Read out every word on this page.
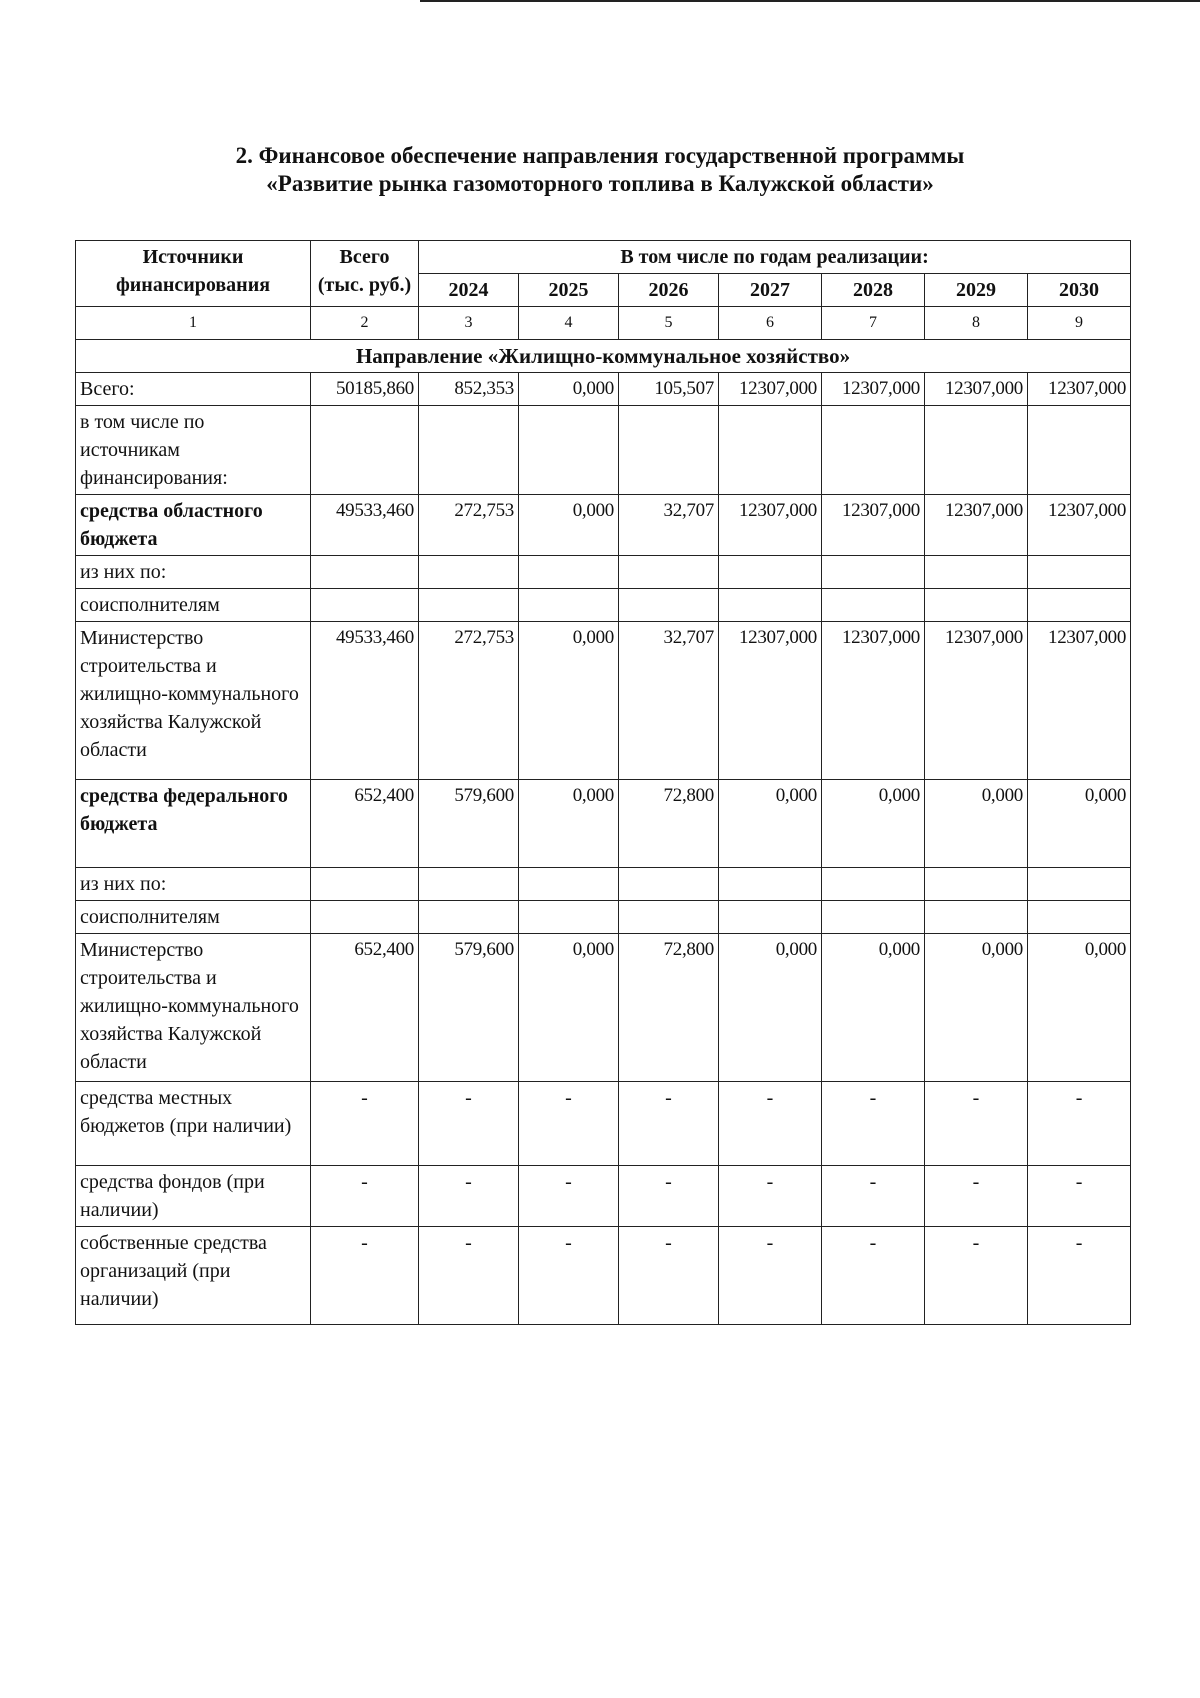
2. Финансовое обеспечение направления государственной программы
«Развитие рынка газомоторного топлива в Калужской области»
Источники финансирования	Всего (тыс. руб.)	В том числе по годам реализации:						
		2024	2025	2026	2027	2028	2029	2030
1	2	3	4	5	6	7	8	9
Направление «Жилищно-коммунальное хозяйство»								
Всего:	50185,860	852,353	0,000	105,507	12307,000	12307,000	12307,000	12307,000
в том числе по источникам финансирования:								
средства областного бюджета	49533,460	272,753	0,000	32,707	12307,000	12307,000	12307,000	12307,000
из них по:								
соисполнителям								
Министерство строительства и жилищно-коммунального хозяйства Калужской области	49533,460	272,753	0,000	32,707	12307,000	12307,000	12307,000	12307,000
средства федерального бюджета	652,400	579,600	0,000	72,800	0,000	0,000	0,000	0,000
из них по:								
соисполнителям								
Министерство строительства и жилищно-коммунального хозяйства Калужской области	652,400	579,600	0,000	72,800	0,000	0,000	0,000	0,000
средства местных бюджетов (при наличии)	-	-	-	-	-	-	-	-
средства фондов (при наличии)	-	-	-	-	-	-	-	-
собственные средства организаций (при наличии)	-	-	-	-	-	-	-	-
